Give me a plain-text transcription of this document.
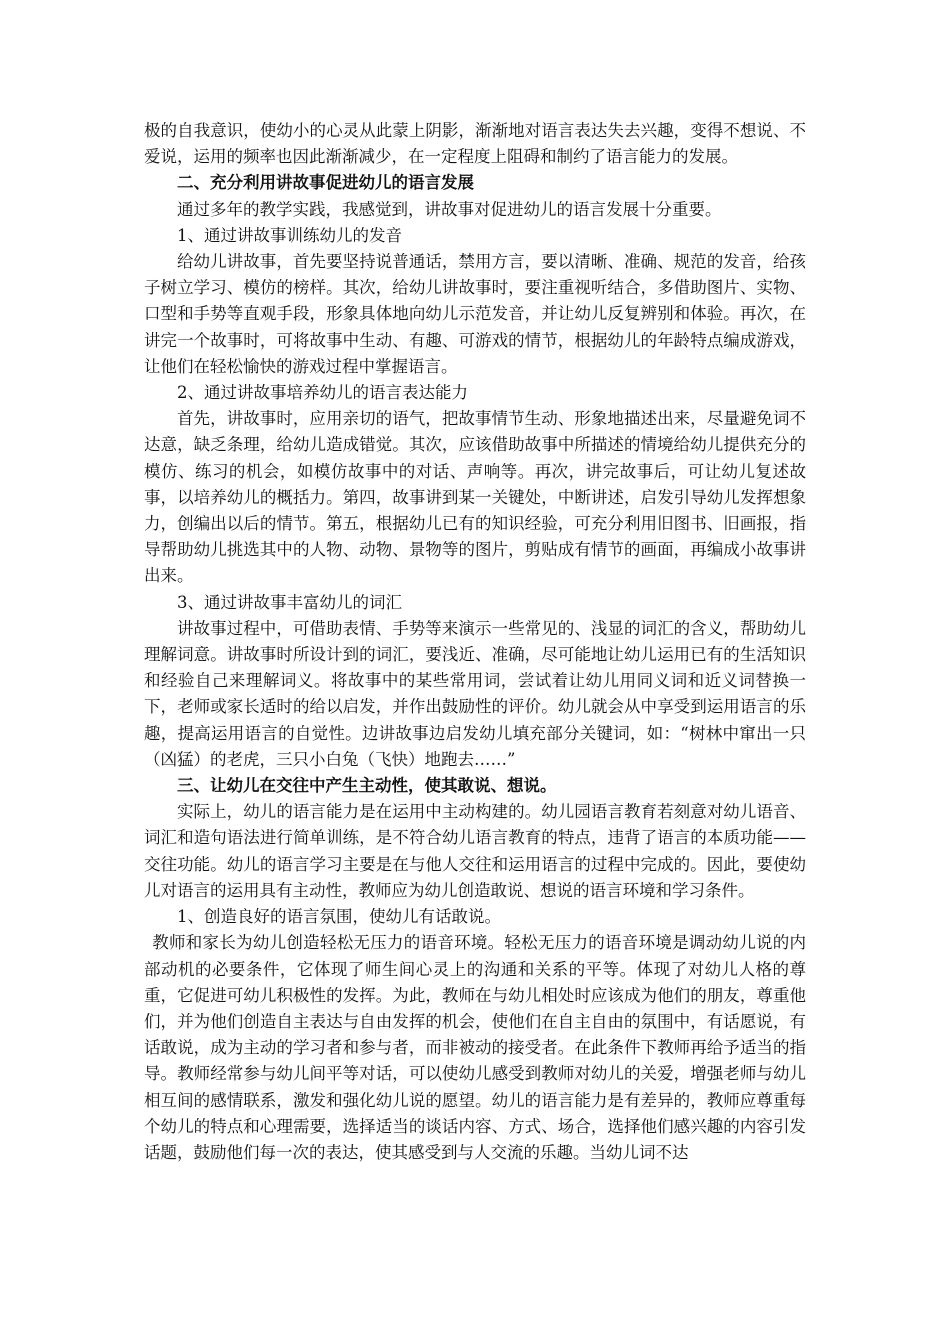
极的自我意识，使幼小的心灵从此蒙上阴影，渐渐地对语言表达失去兴趣，变得不想说、不爱说，运用的频率也因此渐渐减少，在一定程度上阻碍和制约了语言能力的发展。

二、充分利用讲故事促进幼儿的语言发展

通过多年的教学实践，我感觉到，讲故事对促进幼儿的语言发展十分重要。

1、通过讲故事训练幼儿的发音

给幼儿讲故事，首先要坚持说普通话，禁用方言，要以清晰、准确、规范的发音，给孩子树立学习、模仿的榜样。其次，给幼儿讲故事时，要注重视听结合，多借助图片、实物、口型和手势等直观手段，形象具体地向幼儿示范发音，并让幼儿反复辨别和体验。再次，在讲完一个故事时，可将故事中生动、有趣、可游戏的情节，根据幼儿的年龄特点编成游戏，让他们在轻松愉快的游戏过程中掌握语言。

2、通过讲故事培养幼儿的语言表达能力

首先，讲故事时，应用亲切的语气，把故事情节生动、形象地描述出来，尽量避免词不达意，缺乏条理，给幼儿造成错觉。其次，应该借助故事中所描述的情境给幼儿提供充分的模仿、练习的机会，如模仿故事中的对话、声响等。再次，讲完故事后，可让幼儿复述故事，以培养幼儿的概括力。第四，故事讲到某一关键处，中断讲述，启发引导幼儿发挥想象力，创编出以后的情节。第五，根据幼儿已有的知识经验，可充分利用旧图书、旧画报，指导帮助幼儿挑选其中的人物、动物、景物等的图片，剪贴成有情节的画面，再编成小故事讲出来。

3、通过讲故事丰富幼儿的词汇

讲故事过程中，可借助表情、手势等来演示一些常见的、浅显的词汇的含义，帮助幼儿理解词意。讲故事时所设计到的词汇，要浅近、准确，尽可能地让幼儿运用已有的生活知识和经验自己来理解词义。将故事中的某些常用词，尝试着让幼儿用同义词和近义词替换一下，老师或家长适时的给以启发，并作出鼓励性的评价。幼儿就会从中享受到运用语言的乐趣，提高运用语言的自觉性。边讲故事边启发幼儿填充部分关键词，如：“树林中窜出一只（凶猛）的老虎，三只小白兔（飞快）地跑去……”

三、让幼儿在交往中产生主动性，使其敢说、想说。

实际上，幼儿的语言能力是在运用中主动构建的。幼儿园语言教育若刻意对幼儿语音、词汇和造句语法进行简单训练，是不符合幼儿语言教育的特点，违背了语言的本质功能——交往功能。幼儿的语言学习主要是在与他人交往和运用语言的过程中完成的。因此，要使幼儿对语言的运用具有主动性，教师应为幼儿创造敢说、想说的语言环境和学习条件。

1、创造良好的语言氛围，使幼儿有话敢说。

教师和家长为幼儿创造轻松无压力的语音环境。轻松无压力的语音环境是调动幼儿说的内部动机的必要条件，它体现了师生间心灵上的沟通和关系的平等。体现了对幼儿人格的尊重，它促进可幼儿积极性的发挥。为此，教师在与幼儿相处时应该成为他们的朋友，尊重他们，并为他们创造自主表达与自由发挥的机会，使他们在自主自由的氛围中，有话愿说，有话敢说，成为主动的学习者和参与者，而非被动的接受者。在此条件下教师再给予适当的指导。教师经常参与幼儿间平等对话，可以使幼儿感受到教师对幼儿的关爱，增强老师与幼儿相互间的感情联系，激发和强化幼儿说的愿望。幼儿的语言能力是有差异的，教师应尊重每个幼儿的特点和心理需要，选择适当的谈话内容、方式、场合，选择他们感兴趣的内容引发话题，鼓励他们每一次的表达，使其感受到与人交流的乐趣。当幼儿词不达
